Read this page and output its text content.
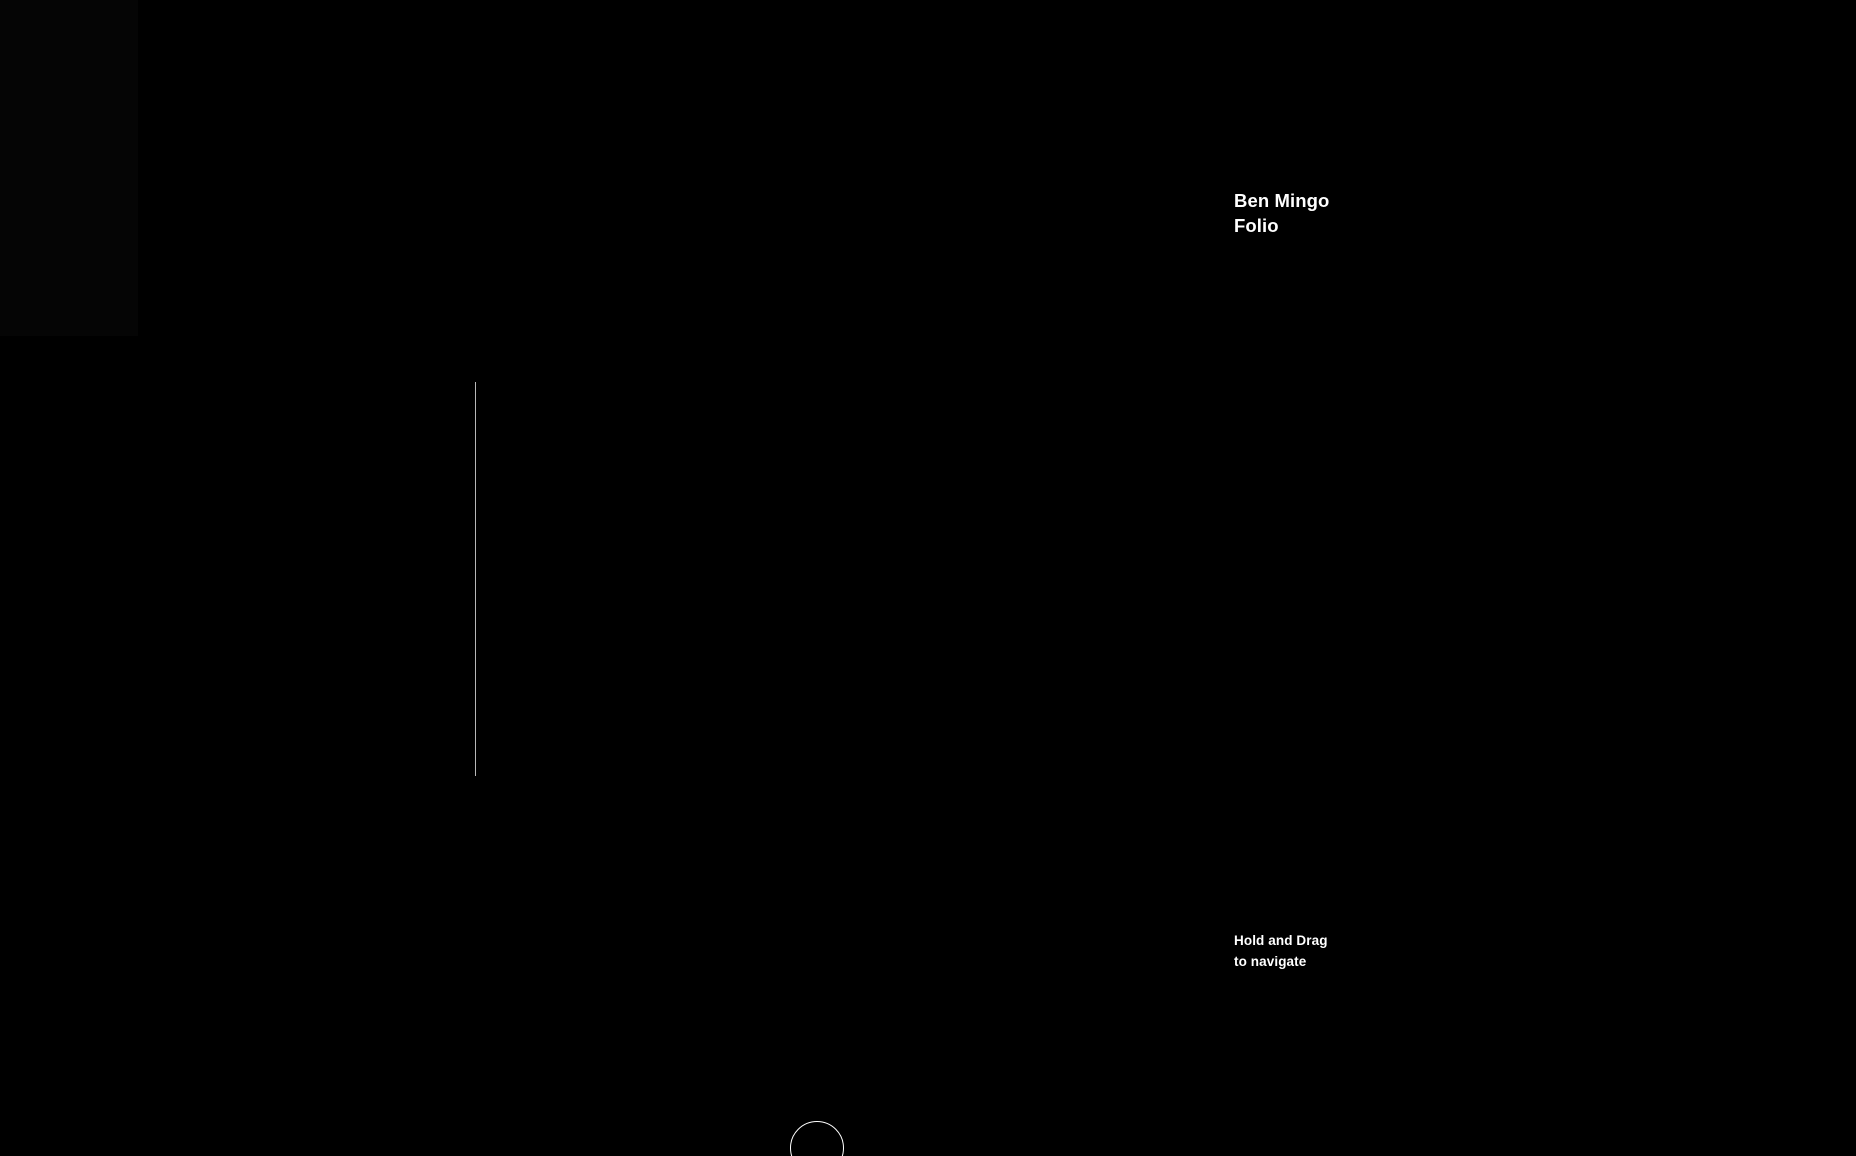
Ben Mingo
Folio
Hold and Drag
to navigate
